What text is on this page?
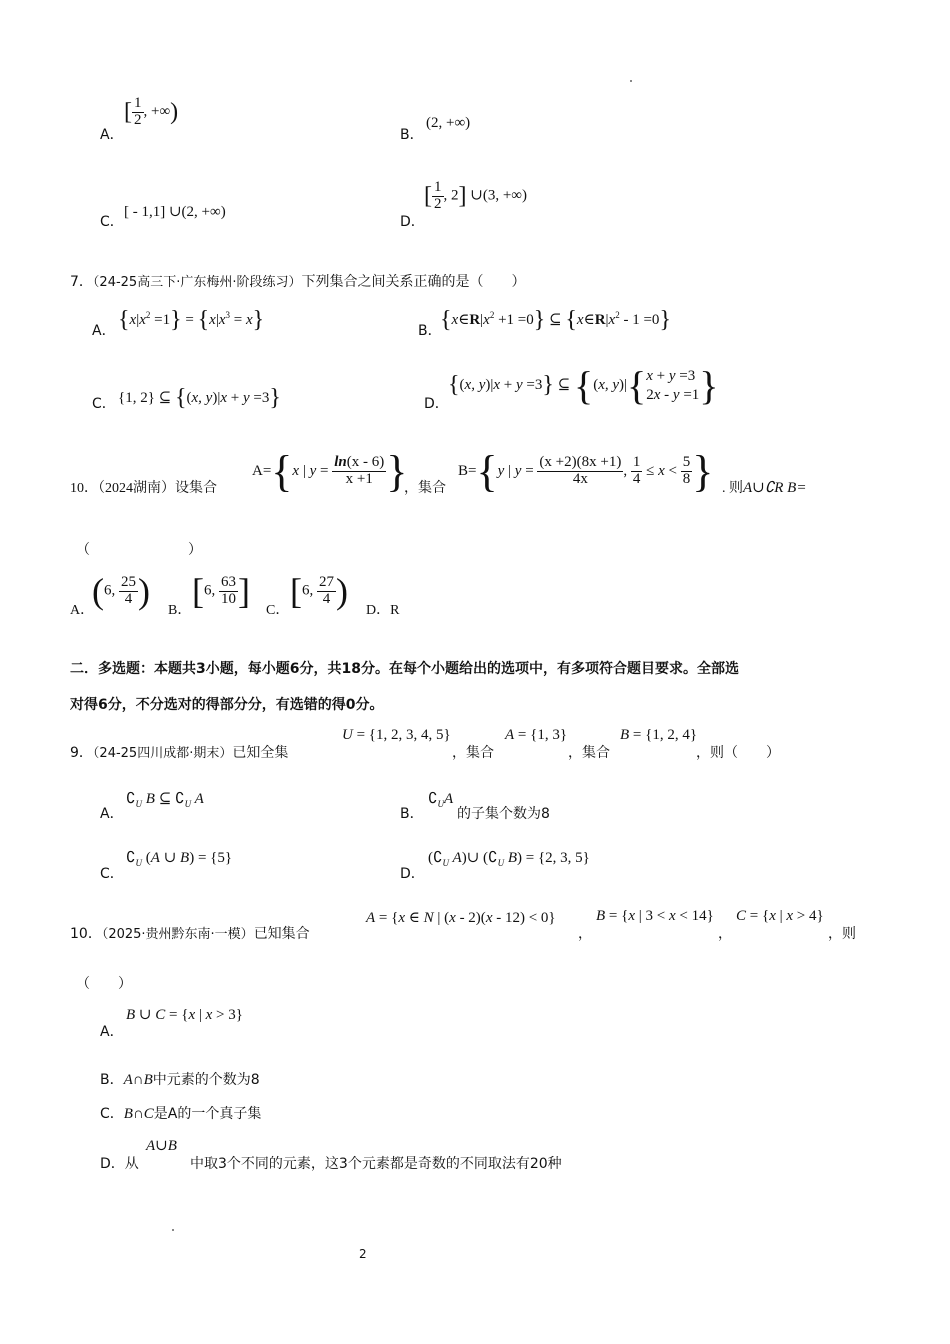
A．
[ $\frac{1}{2}$ , +∞)
B．
(2, +∞)
C．
[ - 1,1] ∪(2, +∞)
D．
[ $\frac{1}{2}$ , 2] ∪(3, +∞)
7．（24-25高三下·广东梅州·阶段练习）下列集合之间关系正确的是（　　）
A． $\{x|x^2 =1\} = \{x|x^3 = x\}$	B．
$\{x\in R|x^2 +1 =0\}$ ⊆ $\{x\in R|x^2 - 1 =0\}$
C． {1, 2} ⊆ {(x, y)|x + y =3}	D．
{(x, y)|x + y =3} ⊆ {(x, y)|{x + y =3
2x - y =1}
10．（2024湖南）设集合
A={x | $y = \frac{\ln(x - 6)}{x +1}$ }
，集合
B={y | $y = \frac{(x +2)(8x +1)}{4x}$ , $\frac{1}{4} \le x < \frac{5}{8}$ } . 则A∪∁R B=
（　　　　　　　）
A．
(6, $\frac{25}{4}$ ) B． [6, $\frac{63}{10}$ ] C． [6, $\frac{27}{4}$ ) D．R
二．多选题：本题共3小题，每小题6分，共18分。在每个小题给出的选项中，有多项符合题目要求。全部选
对得6分，不分选对的得部分分，有选错的得0分。
9．（24-25四川成都·期末）已知全集
U = {1, 2, 3, 4, 5}
，集合
A = {1, 3}
，集合
B = {1, 2, 4}
，则（　　）
A．
$∁_U$ B ⊆ $∁_U$ A
B．
$∁_UA$
的子集个数为8
C．
$∁_U$ (A ∪ B) = {5}
D．
($∁_U$ A)∪ ($∁_U$ B) = {2, 3, 5}
10．（2025·贵州黔东南·一模）已知集合
A = {x ∈ N | (x - 2)(x - 12) < 0}
，
B = {x | 3 < x < 14}
，
C = {x | x > 4}
，则
（　　）
A．
B ∪ C = {x | x > 3}
B．A∩B中元素的个数为8
C．B∩C是A的一个真子集
D．从
A∪B
中取3个不同的元素，这3个元素都是奇数的不同取法有20种
2
